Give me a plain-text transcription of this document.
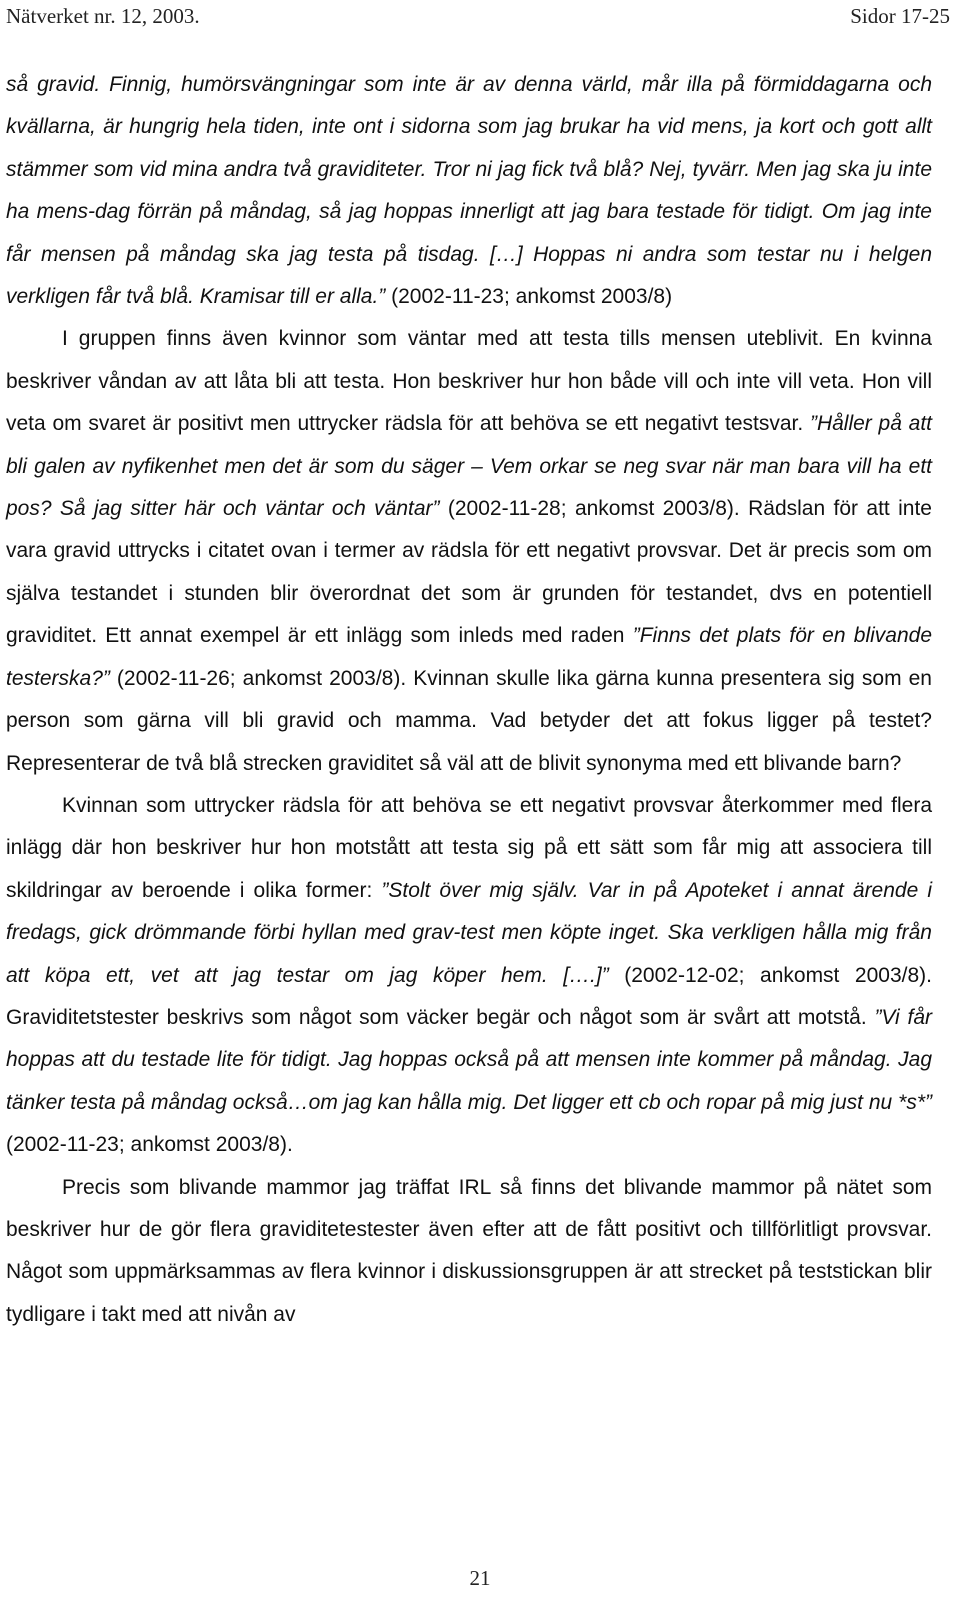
Nätverket nr. 12, 2003.	Sidor 17-25

så gravid. Finnig, humörsvängningar som inte är av denna värld, mår illa på förmiddagarna och kvällarna, är hungrig hela tiden, inte ont i sidorna som jag brukar ha vid mens, ja kort och gott allt stämmer som vid mina andra två graviditeter. Tror ni jag fick två blå? Nej, tyvärr. Men jag ska ju inte ha mens-dag förrän på måndag, så jag hoppas innerligt att jag bara testade för tidigt. Om jag inte får mensen på måndag ska jag testa på tisdag. […] Hoppas ni andra som testar nu i helgen verkligen får två blå. Kramisar till er alla.” (2002-11-23; ankomst 2003/8)

I gruppen finns även kvinnor som väntar med att testa tills mensen uteblivit. En kvinna beskriver våndan av att låta bli att testa. Hon beskriver hur hon både vill och inte vill veta. Hon vill veta om svaret är positivt men uttrycker rädsla för att behöva se ett negativt testsvar. ”Håller på att bli galen av nyfikenhet men det är som du säger – Vem orkar se neg svar när man bara vill ha ett pos? Så jag sitter här och väntar och väntar” (2002-11-28; ankomst 2003/8). Rädslan för att inte vara gravid uttrycks i citatet ovan i termer av rädsla för ett negativt provsvar. Det är precis som om själva testandet i stunden blir överordnat det som är grunden för testandet, dvs en potentiell graviditet. Ett annat exempel är ett inlägg som inleds med raden ”Finns det plats för en blivande testerska?” (2002-11-26; ankomst 2003/8). Kvinnan skulle lika gärna kunna presentera sig som en person som gärna vill bli gravid och mamma. Vad betyder det att fokus ligger på testet? Representerar de två blå strecken graviditet så väl att de blivit synonyma med ett blivande barn?

Kvinnan som uttrycker rädsla för att behöva se ett negativt provsvar återkommer med flera inlägg där hon beskriver hur hon motstått att testa sig på ett sätt som får mig att associera till skildringar av beroende i olika former: ”Stolt över mig själv. Var in på Apoteket i annat ärende i fredags, gick drömmande förbi hyllan med grav-test men köpte inget. Ska verkligen hålla mig från att köpa ett, vet att jag testar om jag köper hem. [….]” (2002-12-02; ankomst 2003/8). Graviditetstester beskrivs som något som väcker begär och något som är svårt att motstå. ”Vi får hoppas att du testade lite för tidigt. Jag hoppas också på att mensen inte kommer på måndag. Jag tänker testa på måndag också…om jag kan hålla mig. Det ligger ett cb och ropar på mig just nu *s*” (2002-11-23; ankomst 2003/8).

Precis som blivande mammor jag träffat IRL så finns det blivande mammor på nätet som beskriver hur de gör flera graviditetestester även efter att de fått positivt och tillförlitligt provsvar. Något som uppmärksammas av flera kvinnor i diskussionsgruppen är att strecket på teststickan blir tydligare i takt med att nivån av

21
